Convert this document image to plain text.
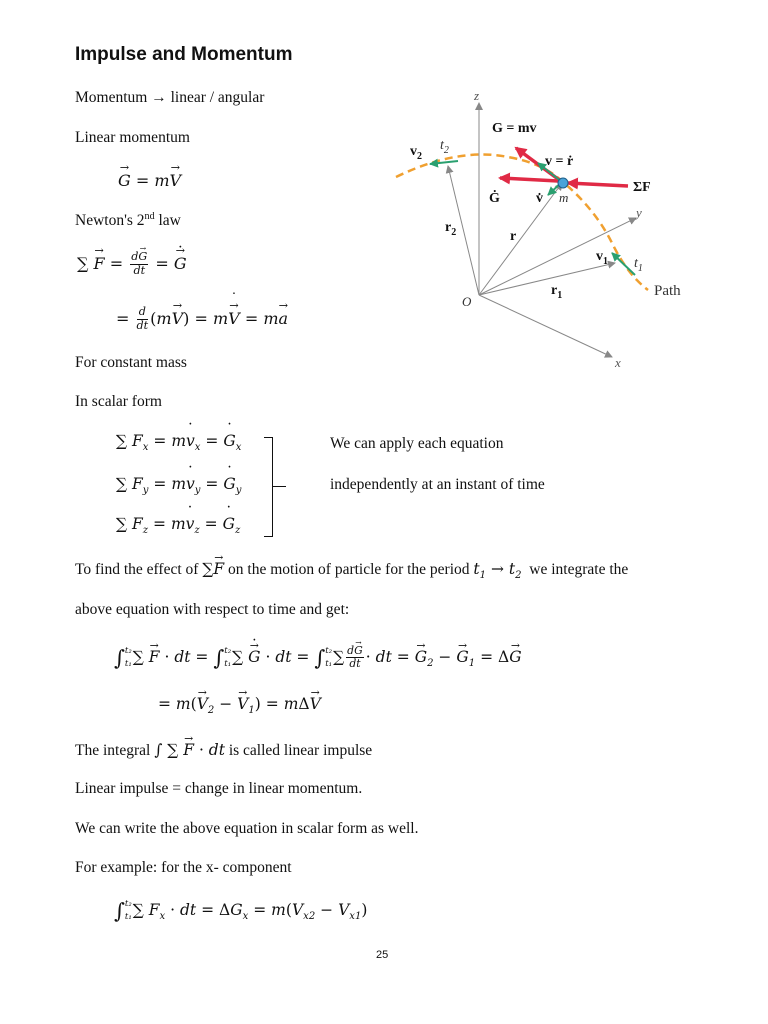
Impulse and Momentum
Momentum → linear / angular
Linear momentum
→ G = m→ V
Newton's 2nd law
∑ → $F = \frac{d\to G}{dt}$ = ˙ → G
= $\frac{d}{dt} (m\to V)$ = m˙ V → = m→ a
For constant mass
In scalar form
∑ $F_x$ = m˙ $v_x$ = ˙ $G_x$
∑ $F_y$ = m˙ $v_y$ = ˙ $G_y$
∑ $F_z$ = m˙ $v_z$ = ˙ $G_z$
We can apply each equation
independently at an instant of time
To find the effect of ∑→ F on the motion of particle for the period $t_1 \to t_2$ we integrate the
above equation with respect to time and get:
∫ t₂
t₁ ∑ → F · dt = ∫ t₂
t₁ ∑ ˙ → G · dt = ∫ t₂
t₁ ∑ $\frac{d\to G}{dt}$ · dt = → $G_2$ − → $G_1 = \Delta\to G$
= $m(\to V_2$ − → $V_1) = m\Delta\to V$
The integral ∫ ∑ → F · dt is called linear impulse
Linear impulse = change in linear momentum.
We can write the above equation in scalar form as well.
For example: for the x- component
∫ t₂
t₁ ∑ $F_x$ · dt = $\Delta G_x = m(V_{x2} - V_{x1})$
25
z
y
x
O
G = mv
v = ṙ
Ġ	v̇ m
ΣF
$v_2$
$t_2$
$r_2$	r
$r_1$
$v_1$ $t_1$
Path
